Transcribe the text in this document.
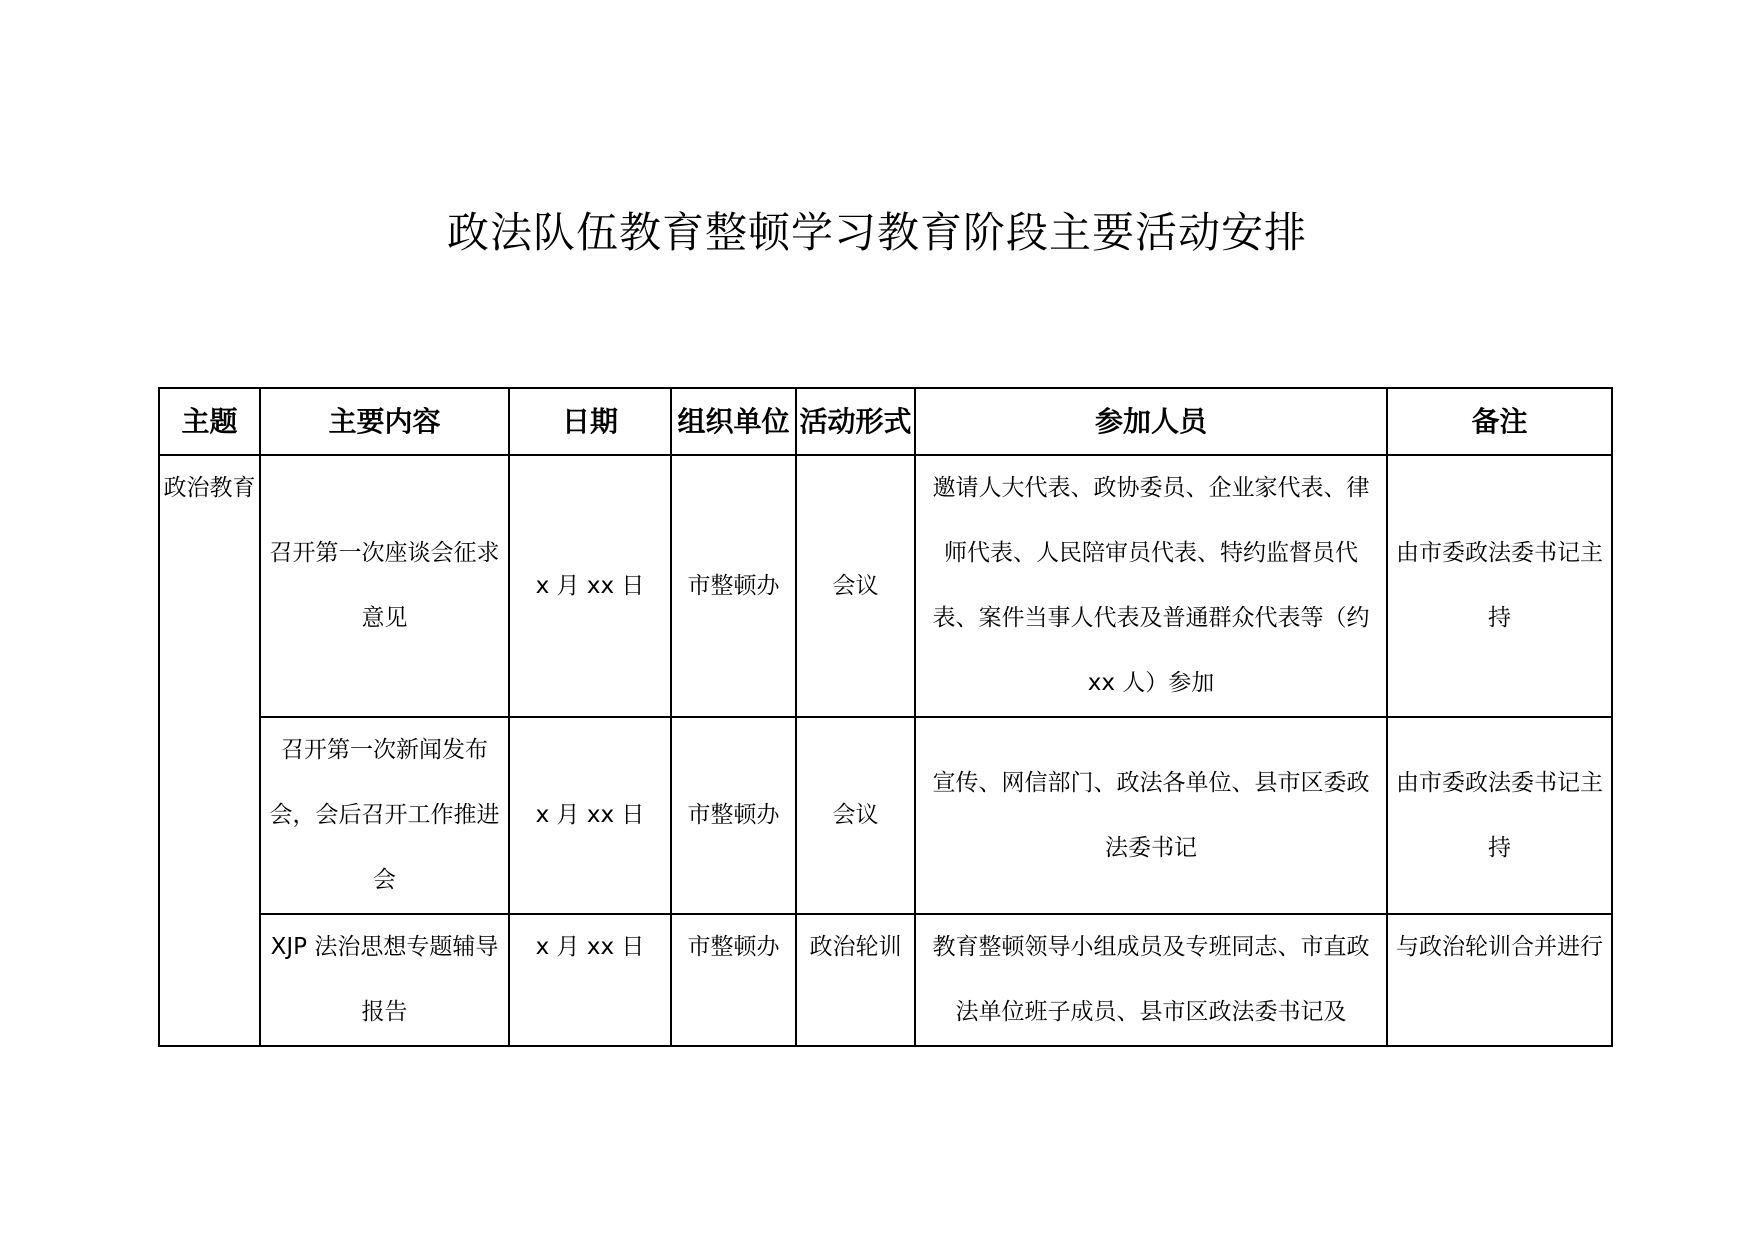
政法队伍教育整顿学习教育阶段主要活动安排
主题	主要内容	日期	组织单位	活动形式	参加人员	备注
政治教育	召开第一次座谈会征求意见	x 月 xx 日	市整顿办	会议	邀请人大代表、政协委员、企业家代表、律师代表、人民陪审员代表、特约监督员代表、案件当事人代表及普通群众代表等（约 xx 人）参加	由市委政法委书记主持
	召开第一次新闻发布会，会后召开工作推进会	x 月 xx 日	市整顿办	会议	宣传、网信部门、政法各单位、县市区委政法委书记	由市委政法委书记主持

	XJP 法治思想专题辅导报告	x 月 xx 日	市整顿办	政治轮训	教育整顿领导小组成员及专班同志、市直政法单位班子成员、县市区政法委书记及	与政治轮训合并进行
